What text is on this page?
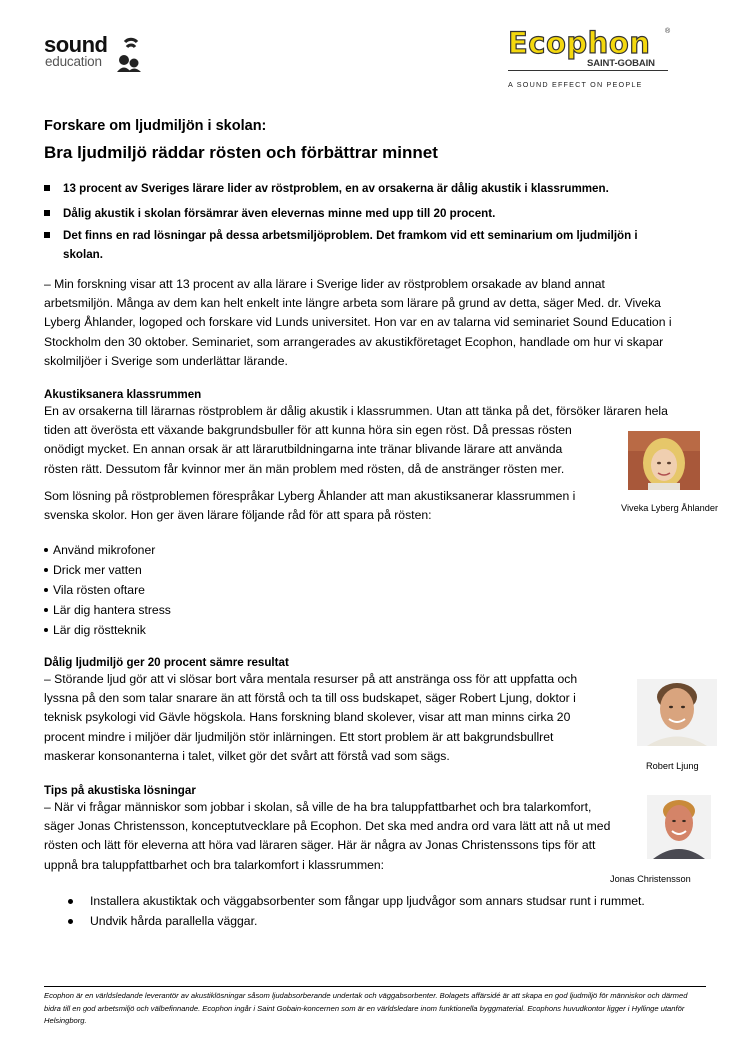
sound
education
Ecophon ®
SAINT-GOBAIN
A SOUND EFFECT ON PEOPLE
Forskare om ljudmiljön i skolan:
Bra ljudmiljö räddar rösten och förbättrar minnet
13 procent av Sveriges lärare lider av röstproblem, en av orsakerna är dålig akustik i klassrummen.
Dålig akustik i skolan försämrar även elevernas minne med upp till 20 procent.
Det finns en rad lösningar på dessa arbetsmiljöproblem. Det framkom vid ett seminarium om ljudmiljön i skolan.
– Min forskning visar att 13 procent av alla lärare i Sverige lider av röstproblem orsakade av bland annat
arbetsmiljön. Många av dem kan helt enkelt inte längre arbeta som lärare på grund av detta, säger Med. dr. Viveka
Lyberg Åhlander, logoped och forskare vid Lunds universitet. Hon var en av talarna vid seminariet Sound Education i
Stockholm den 30 oktober. Seminariet, som arrangerades av akustikföretaget Ecophon, handlade om hur vi skapar
skolmiljöer i Sverige som underlättar lärande.
Akustiksanera klassrummen
En av orsakerna till lärarnas röstproblem är dålig akustik i klassrummen. Utan att tänka på det, försöker läraren hela
tiden att överösta ett växande bakgrundsbuller för att kunna höra sin egen röst. Då pressas rösten
onödigt mycket. En annan orsak är att lärarutbildningarna inte tränar blivande lärare att använda
rösten rätt. Dessutom får kvinnor mer än män problem med rösten, då de anstränger rösten mer.
Som lösning på röstproblemen förespråkar Lyberg Åhlander att man akustiksanerar klassrummen i
svenska skolor. Hon ger även lärare följande råd för att spara på rösten:
Viveka Lyberg Åhlander
Använd mikrofoner
Drick mer vatten
Vila rösten oftare
Lär dig hantera stress
Lär dig röstteknik
Dålig ljudmiljö ger 20 procent sämre resultat
– Störande ljud gör att vi slösar bort våra mentala resurser på att anstränga oss för att uppfatta och
lyssna på den som talar snarare än att förstå och ta till oss budskapet, säger Robert Ljung, doktor i
teknisk psykologi vid Gävle högskola. Hans forskning bland skolever, visar att man minns cirka 20
procent mindre i miljöer där ljudmiljön stör inlärningen. Ett stort problem är att bakgrundsbullret
maskerar konsonanterna i talet, vilket gör det svårt att förstå vad som sägs.
Robert Ljung
Tips på akustiska lösningar
– När vi frågar människor som jobbar i skolan, så ville de ha bra taluppfattbarhet och bra talarkomfort,
säger Jonas Christensson, konceptutvecklare på Ecophon. Det ska med andra ord vara lätt att nå ut med
rösten och lätt för eleverna att höra vad läraren säger. Här är några av Jonas Christenssons tips för att
uppnå bra taluppfattbarhet och bra talarkomfort i klassrummen:
Jonas Christensson
Installera akustiktak och väggabsorbenter som fångar upp ljudvågor som annars studsar runt i rummet.
Undvik hårda parallella väggar.
Ecophon är en världsledande leverantör av akustiklösningar såsom ljudabsorberande undertak och väggabsorbenter. Bolagets affärsidé är att skapa en god ljudmiljö för människor och därmed bidra till en god arbetsmiljö och välbefinnande. Ecophon ingår i Saint Gobain-koncernen som är en världsledare inom funktionella byggmaterial. Ecophons huvudkontor ligger i Hyllinge utanför Helsingborg.
